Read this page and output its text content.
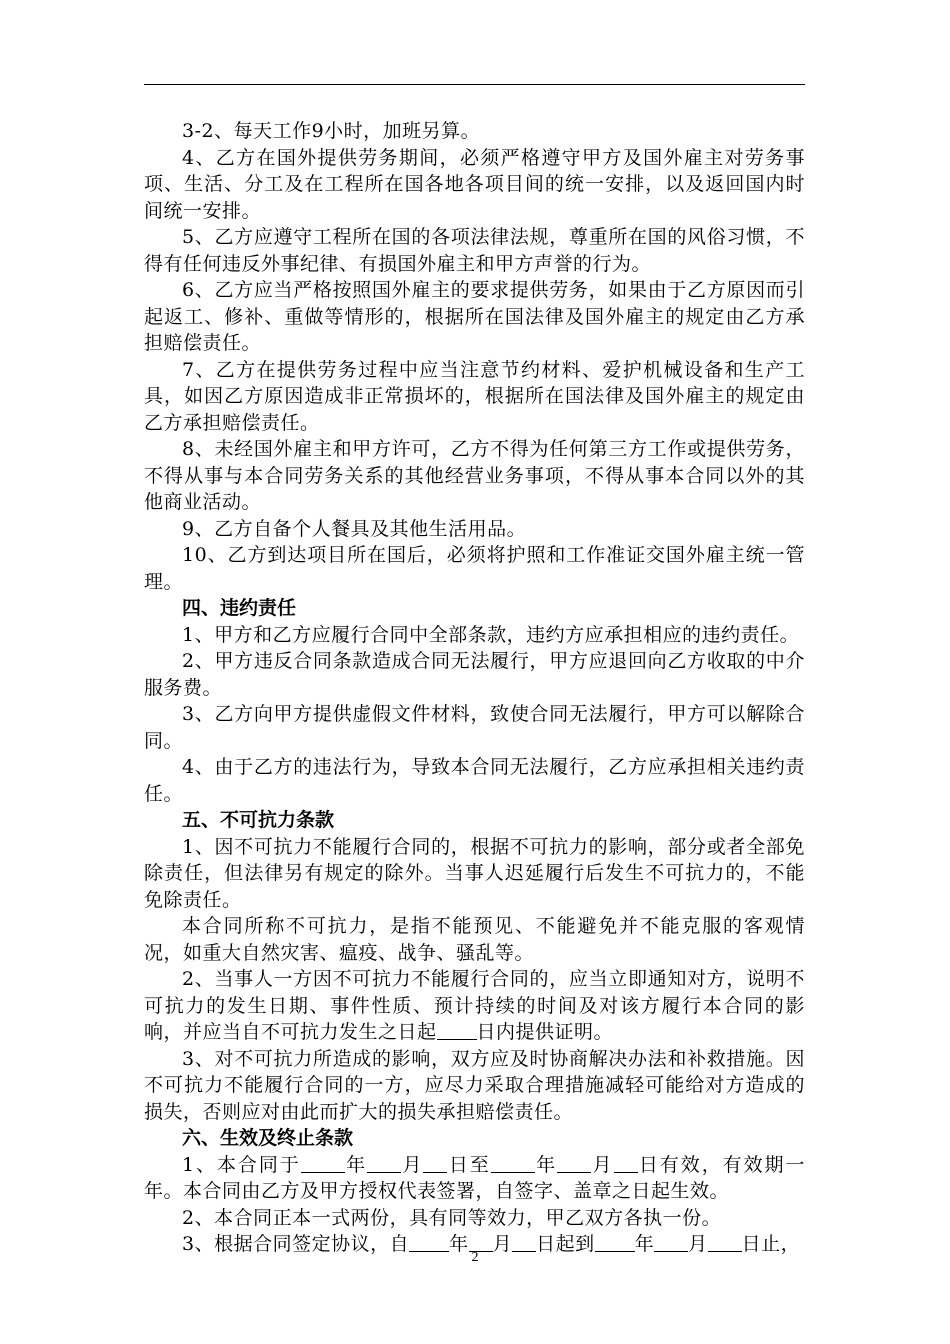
3-2、每天工作9小时，加班另算。

4、乙方在国外提供劳务期间，必须严格遵守甲方及国外雇主对劳务事项、生活、分工及在工程所在国各地各项目间的统一安排，以及返回国内时间统一安排。

5、乙方应遵守工程所在国的各项法律法规，尊重所在国的风俗习惯，不得有任何违反外事纪律、有损国外雇主和甲方声誉的行为。

6、乙方应当严格按照国外雇主的要求提供劳务，如果由于乙方原因而引起返工、修补、重做等情形的，根据所在国法律及国外雇主的规定由乙方承担赔偿责任。

7、乙方在提供劳务过程中应当注意节约材料、爱护机械设备和生产工具，如因乙方原因造成非正常损坏的，根据所在国法律及国外雇主的规定由乙方承担赔偿责任。

8、未经国外雇主和甲方许可，乙方不得为任何第三方工作或提供劳务，不得从事与本合同劳务关系的其他经营业务事项，不得从事本合同以外的其他商业活动。

9、乙方自备个人餐具及其他生活用品。

10、乙方到达项目所在国后，必须将护照和工作准证交国外雇主统一管理。

四、违约责任

1、甲方和乙方应履行合同中全部条款，违约方应承担相应的违约责任。

2、甲方违反合同条款造成合同无法履行，甲方应退回向乙方收取的中介服务费。

3、乙方向甲方提供虚假文件材料，致使合同无法履行，甲方可以解除合同。

4、由于乙方的违法行为，导致本合同无法履行，乙方应承担相关违约责任。

五、不可抗力条款

1、因不可抗力不能履行合同的，根据不可抗力的影响，部分或者全部免除责任，但法律另有规定的除外。当事人迟延履行后发生不可抗力的，不能免除责任。

本合同所称不可抗力，是指不能预见、不能避免并不能克服的客观情况，如重大自然灾害、瘟疫、战争、骚乱等。

2、当事人一方因不可抗力不能履行合同的，应当立即通知对方，说明不可抗力的发生日期、事件性质、预计持续的时间及对该方履行本合同的影响，并应当自不可抗力发生之日起 日内提供证明。

3、对不可抗力所造成的影响，双方应及时协商解决办法和补救措施。因不可抗力不能履行合同的一方，应尽力采取合理措施减轻可能给对方造成的损失，否则应对由此而扩大的损失承担赔偿责任。

六、生效及终止条款

1、本合同于 年 月 日至 年 月 日有效，有效期一年。本合同由乙方及甲方授权代表签署，自签字、盖章之日起生效。

2、本合同正本一式两份，具有同等效力，甲乙双方各执一份。

3、根据合同签定协议，自 年 月 日起到 年 月 日止，

2
